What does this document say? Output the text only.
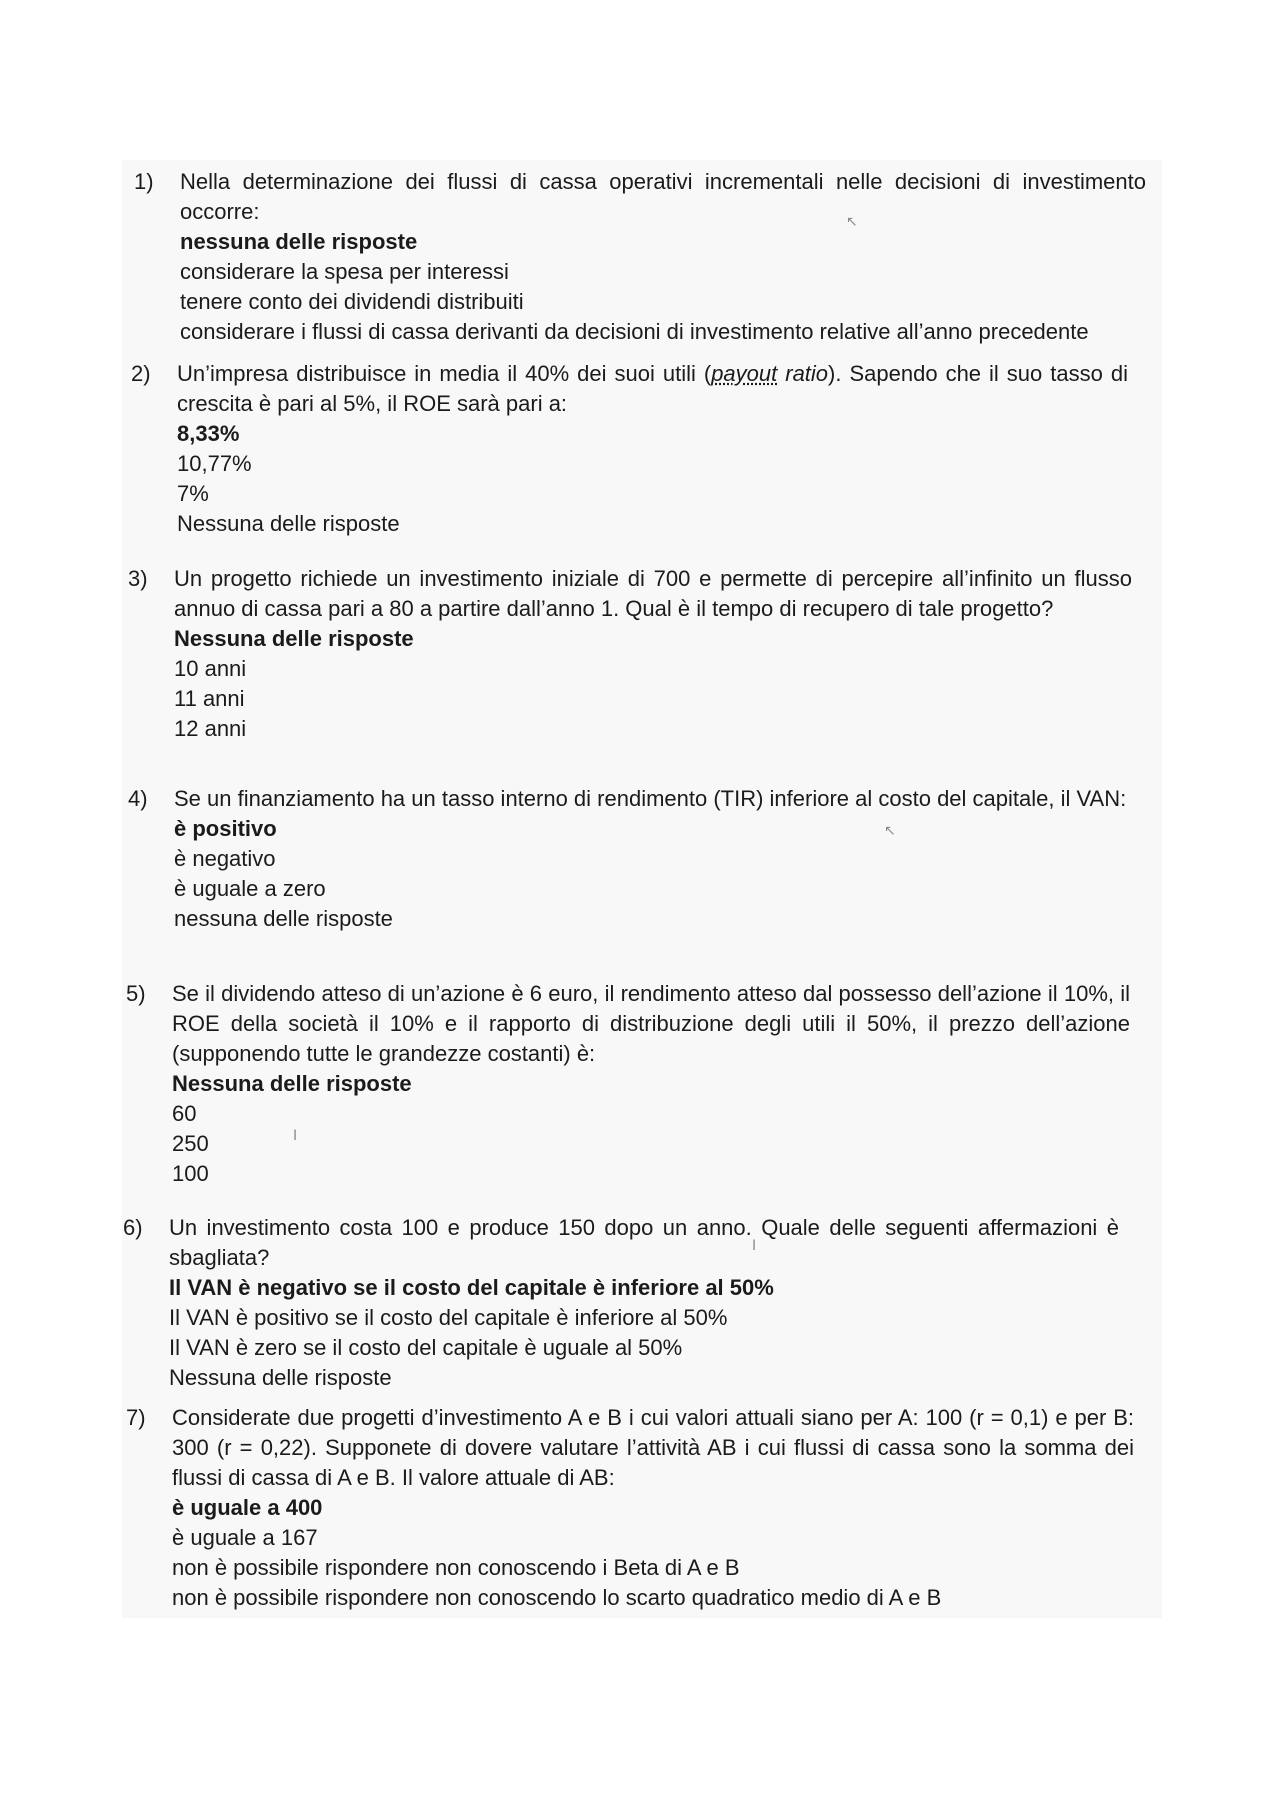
1)	Nella determinazione dei flussi di cassa operativi incrementali nelle decisioni di investimento occorre:
nessuna delle risposte
considerare la spesa per interessi
tenere conto dei dividendi distribuiti
considerare i flussi di cassa derivanti da decisioni di investimento relative all’anno precedente
2)	Un’impresa distribuisce in media il 40% dei suoi utili (payout ratio). Sapendo che il suo tasso di crescita è pari al 5%, il ROE sarà pari a:
8,33%
10,77%
7%
Nessuna delle risposte
3)	Un progetto richiede un investimento iniziale di 700 e permette di percepire all’infinito un flusso annuo di cassa pari a 80 a partire dall’anno 1. Qual è il tempo di recupero di tale progetto?
Nessuna delle risposte
10 anni
11 anni
12 anni
4)	Se un finanziamento ha un tasso interno di rendimento (TIR) inferiore al costo del capitale, il VAN:
è positivo
è negativo
è uguale a zero
nessuna delle risposte
5)	Se il dividendo atteso di un’azione è 6 euro, il rendimento atteso dal possesso dell’azione il 10%, il ROE della società il 10% e il rapporto di distribuzione degli utili il 50%, il prezzo dell’azione (supponendo tutte le grandezze costanti) è:
Nessuna delle risposte
60
250
100
6)	Un investimento costa 100 e produce 150 dopo un anno. Quale delle seguenti affermazioni è sbagliata?
Il VAN è negativo se il costo del capitale è inferiore al 50%
Il VAN è positivo se il costo del capitale è inferiore al 50%
Il VAN è zero se il costo del capitale è uguale al 50%
Nessuna delle risposte
7)	Considerate due progetti d’investimento A e B i cui valori attuali siano per A: 100 (r = 0,1) e per B: 300 (r = 0,22). Supponete di dovere valutare l’attività AB i cui flussi di cassa sono la somma dei flussi di cassa di A e B. Il valore attuale di AB:
è uguale a 400
è uguale a 167
non è possibile rispondere non conoscendo i Beta di A e B
non è possibile rispondere non conoscendo lo scarto quadratico medio di A e B
↖
↖
I
I
